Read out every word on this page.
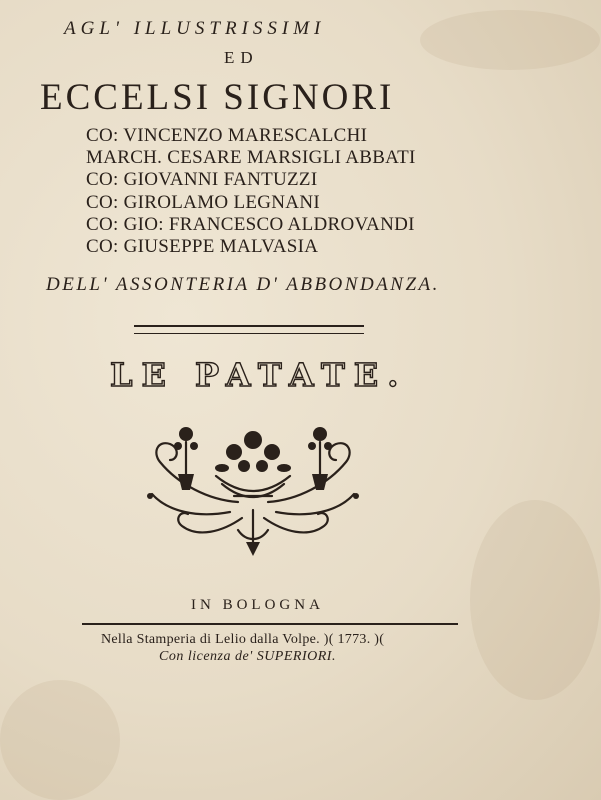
AGL' ILLUSTRISSIMI
ED
ECCELSI SIGNORI
CO: VINCENZO MARESCALCHI
MARCH. CESARE MARSIGLI ABBATI
CO: GIOVANNI FANTUZZI
CO: GIROLAMO LEGNANI
CO: GIO: FRANCESCO ALDROVANDI
CO: GIUSEPPE MALVASIA
DELL' ASSONTERIA D' ABBONDANZA.
LE PATATE.
IN BOLOGNA
Nella Stamperia di Lelio dalla Volpe. )( 1773. )(
Con licenza de' SUPERIORI.
